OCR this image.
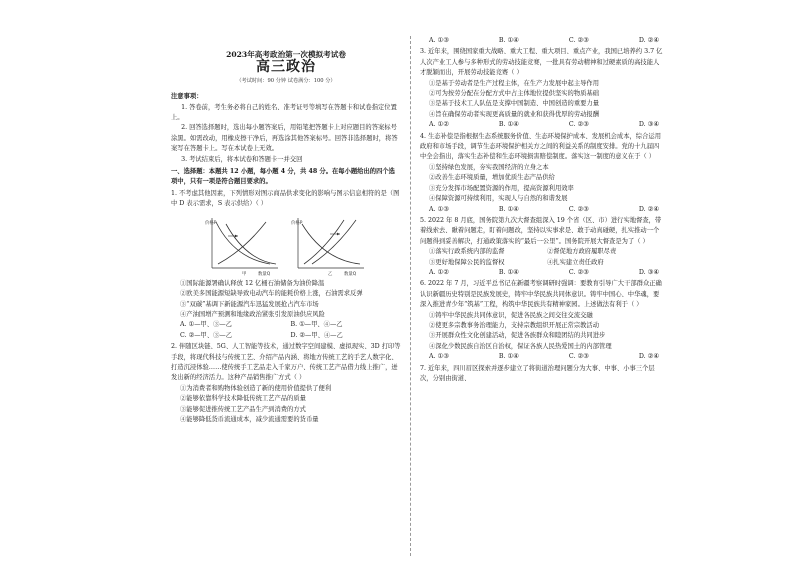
2023年高考政治第一次模拟考试卷
高三政治
（考试时间：90 分钟 试卷满分：100 分）
注意事项：
1. 答卷前，考生务必将自己的姓名、准考证号等填写在答题卡和试卷指定位置上。
2. 回答选择题时，选出每小题答案后，用铅笔把答题卡上对应题目的答案标号涂黑。如需改动，用橡皮擦干净后，再选涂其他答案标号。回答非选择题时，将答案写在答题卡上。写在本试卷上无效。
3. 考试结束后，将本试卷和答题卡一并交回
一、选择题：本题共 12 小题，每小题 4 分，共 48 分。在每小题给出的四个选项中，只有一项是符合题目要求的。
1. 不考虑其他因素，下列情形对图示商品供求变化的影响与图示信息相符的是（图中 D 表示需求，S 表示供给）（ ）
价格P
数量Q
甲
价格P
数量Q
乙
①国际能源署确认释放 12 亿桶石油储备为油价降温
②欧美多国能源短缺导致电动汽车的能耗价格上涨，石油需求反弹
③“双碳”基调下新能源汽车迅猛发展抢占汽车市场
④产油国增产预测和地缘政治紧张引发原油供应风险
A. ①—甲、③—乙	B. ①—甲、④—乙
C. ②—甲、③—乙	D. ②—甲、④—乙
2. 伴随区块链、5G、人工智能等技术，通过数字空间建模、虚拟现实、3D 打印等手段，将现代科技与传统工艺、介绍产品内涵、将地方传统工艺的手艺人数字化、打造沉浸体验……使传统手工艺品走入千家万户、传统工艺产品借力线上推广，迸发出新的经济活力。这种产品销售推广方式（ ）
①为消费者和购物体验创造了新的使用价值提供了便利
②能够依靠科学技术降低传统工艺产品的质量
③能够促进推传统工艺产品生产到消费的方式
④能够降低货币流通成本，减少流通需要的货币量
A. ①③	B. ①④	C. ②③	D. ②④
3. 近年来，围绕国家重大战略、重大工程、重大项目、重点产业，我国已培养约 3.7 亿人次产业工人参与多种形式的劳动技能竞赛，一批具有劳动精神和过硬素质的高技能人才脱颖而出，开展劳动技能竞赛（ ）
①是基于劳动者是生产过程主体，在生产力发展中起主导作用
②可为按劳分配在分配方式中占主体地位提供坚实的物质基础
③是基于技术工人队伍是支撑中国制造、中国创造的重要力量
④旨在确保劳动者实现更高质量的就业和获得优厚的劳动报酬
A. ①②	B. ①④	C. ②③	D. ③④
4. 生态补偿是指根据生态系统服务价值、生态环境保护成本、发展机会成本，综合运用政府和市场手段，调节生态环境保护相关方之间的利益关系的制度安排。党的十九届四中全会指出，落实生态补偿和生态环境损害赔偿制度。落实这一制度的意义在于（ ）
①坚持绿色发展，夯实我国经济的立身之本
②改善生态环境质量，增加优质生态产品供给
③充分发挥市场配置资源的作用，提高资源利用效率
④保障资源可持续利用，实现人与自然的和谐发展
A. ①③	B. ①④	C. ②③	D. ②④
5. 2022 年 8 月底，国务院第九次大督查组深入 19 个省（区、市）进行实地督查，带着线索去、瞅着问题走，盯着问题改，坚持以实事求是、敢于动真碰硬，扎实推动一个问题得到妥善解决，打通政策落实的“最后一公里”。国务院开展大督查是为了（ ）
①落实行政系统内部的监督	②督促地方政府履职尽责
③更好地保障公民的监督权	④扎实建立责任政府
A. ①②	B. ①④	C. ②③	D. ③④
6. 2022 年 7 月，习近平总书记在新疆考察调研时强调：要教育引导广大干部群众正确认识新疆历史特别是民族发展史，铸牢中华民族共同体意识。铸牢中国心、中华魂，要深入推进青少年“筑基”工程，构筑中华民族共有精神家园。上述做法有利于（ ）
①铸牢中华民族共同体意识，促进各民族之间交往交流交融
②使更多宗教事务治理能力，支持宗教组织开展正常宗教活动
③开展群众性文化创建活动，促进各族群众和睦团结的共同进步
④深化少数民族自治区自治权，保证各族人民热爱国土的内部管理
A. ①③	B. ①④	C. ②③	D. ②④
7. 近年来，四川眉区探索并逐步建立了将街道治理问题分为大事、中事、小事三个层次，分别由街道、
